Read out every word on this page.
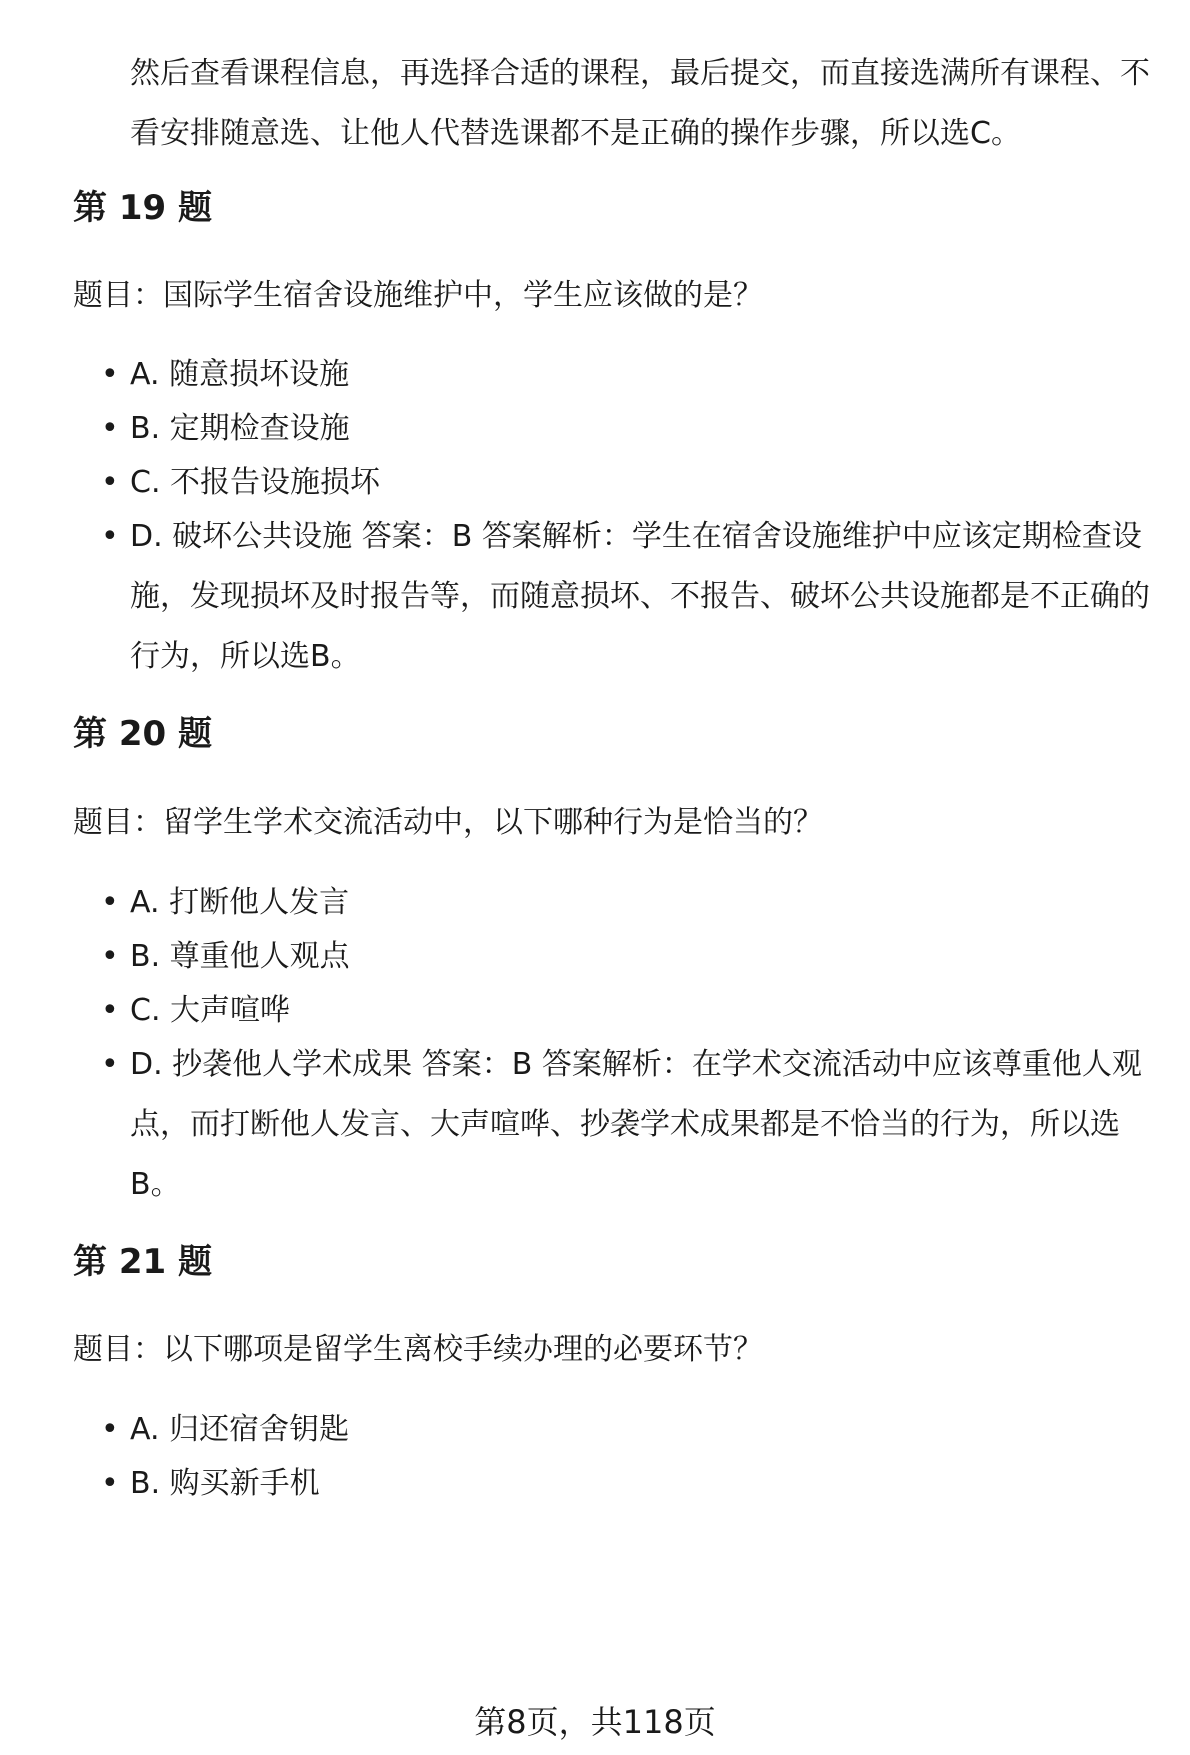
然后查看课程信息，再选择合适的课程，最后提交，而直接选满所有课程、不看安排随意选、让他人代替选课都不是正确的操作步骤，所以选C。

第 19 题

题目：国际学生宿舍设施维护中，学生应该做的是？

• A. 随意损坏设施
• B. 定期检查设施
• C. 不报告设施损坏
• D. 破坏公共设施 答案：B 答案解析：学生在宿舍设施维护中应该定期检查设施，发现损坏及时报告等，而随意损坏、不报告、破坏公共设施都是不正确的行为，所以选B。
第 20 题

题目：留学生学术交流活动中，以下哪种行为是恰当的？

• A. 打断他人发言
• B. 尊重他人观点
• C. 大声喧哗
• D. 抄袭他人学术成果 答案：B 答案解析：在学术交流活动中应该尊重他人观点，而打断他人发言、大声喧哗、抄袭学术成果都是不恰当的行为，所以选B。
第 21 题

题目：以下哪项是留学生离校手续办理的必要环节？

• A. 归还宿舍钥匙
• B. 购买新手机
第8页，共118页
